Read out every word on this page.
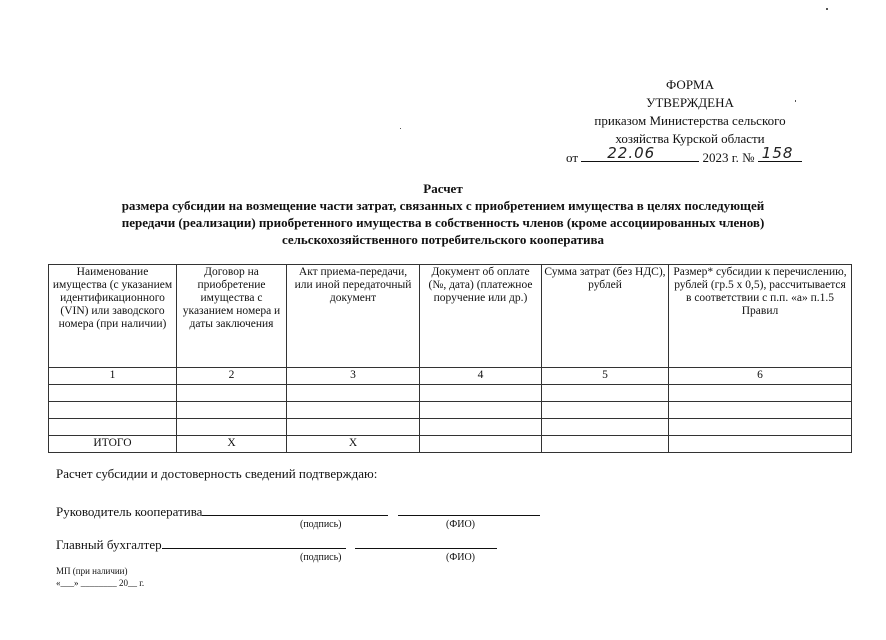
ФОРМА
УТВЕРЖДЕНА
приказом Министерства сельского
хозяйства Курской области
от 22.06	2023 г. № 158
Расчет
размера субсидии на возмещение части затрат, связанных с приобретением имущества в целях последующей
передачи (реализации) приобретенного имущества в собственность членов (кроме ассоциированных членов)
сельскохозяйственного потребительского кооператива
Наименование имущества (с указанием идентификационного (VIN) или заводского номера (при наличии)	Договор на приобретение имущества с указанием номера и даты заключения	Акт приема-передачи, или иной передаточный документ	Документ об оплате (№, дата) (платежное поручение или др.)	Сумма затрат (без НДС), рублей	Размер* субсидии к перечислению, рублей (гр.5 х 0,5), рассчитывается в соответствии с п.п. «а» п.1.5 Правил
1	2	3	4	5	6

ИТОГО	Х	Х			
Расчет субсидии и достоверность сведений подтверждаю:
Руководитель кооператива
(подпись)	(ФИО)
Главный бухгалтер
(подпись)	(ФИО)
МП (при наличии)
«___» ________ 20__ г.
